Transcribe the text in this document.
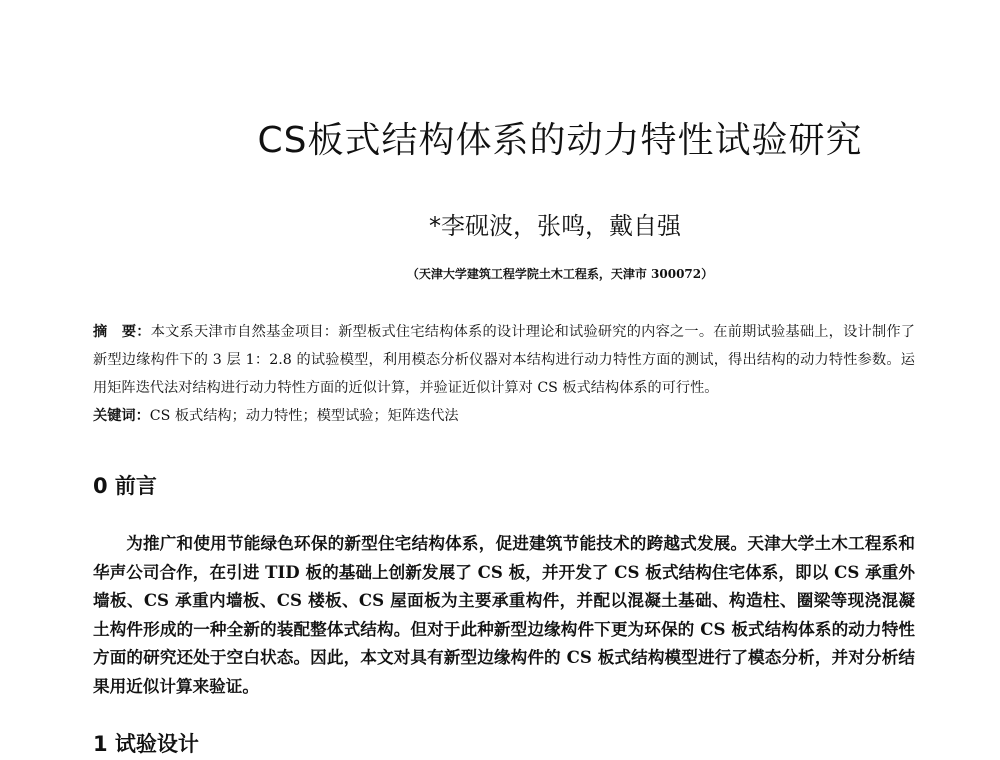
CS板式结构体系的动力特性试验研究
*李砚波，张鸣，戴自强
（天津大学建筑工程学院土木工程系，天津市 300072）
摘　要：本文系天津市自然基金项目：新型板式住宅结构体系的设计理论和试验研究的内容之一。在前期试验基础上，设计制作了新型边缘构件下的 3 层 1：2.8 的试验模型，利用模态分析仪器对本结构进行动力特性方面的测试，得出结构的动力特性参数。运用矩阵迭代法对结构进行动力特性方面的近似计算，并验证近似计算对 CS 板式结构体系的可行性。
关键词：CS 板式结构；动力特性；模型试验；矩阵迭代法
0 前言
为推广和使用节能绿色环保的新型住宅结构体系，促进建筑节能技术的跨越式发展。天津大学土木工程系和华声公司合作，在引进 TID 板的基础上创新发展了 CS 板，并开发了 CS 板式结构住宅体系，即以 CS 承重外墙板、CS 承重内墙板、CS 楼板、CS 屋面板为主要承重构件，并配以混凝土基础、构造柱、圈梁等现浇混凝土构件形成的一种全新的装配整体式结构。但对于此种新型边缘构件下更为环保的 CS 板式结构体系的动力特性方面的研究还处于空白状态。因此，本文对具有新型边缘构件的 CS 板式结构模型进行了模态分析，并对分析结果用近似计算来验证。
1 试验设计
